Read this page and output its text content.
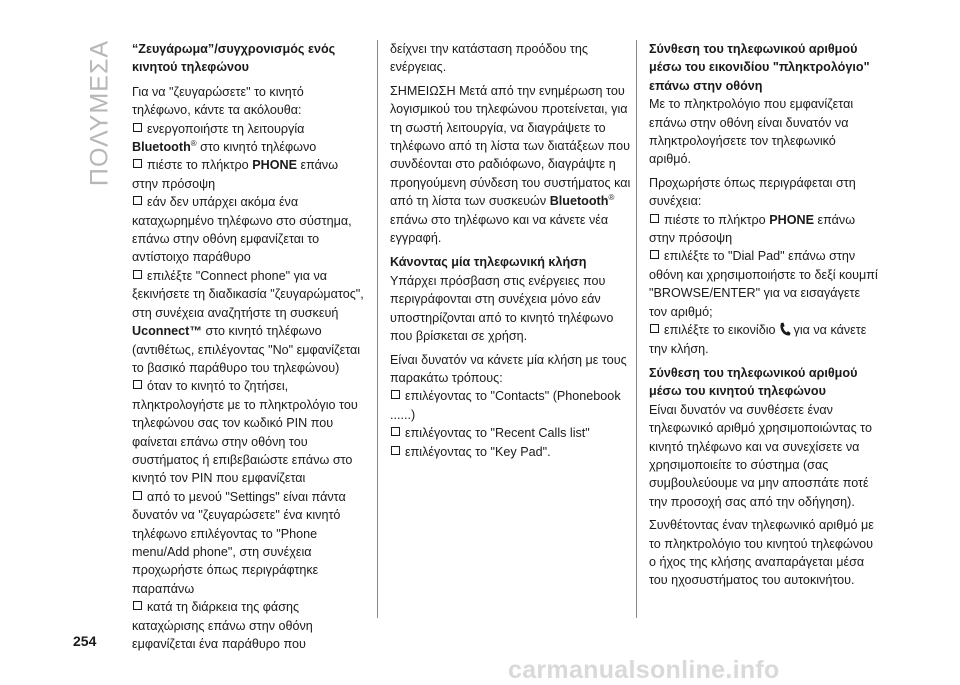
ΠΟΛΥΜΕΣΑ “Ζευγάρωμα”/συγχρονισμός ενός κινητού τηλεφώνου

Για να "ζευγαρώσετε" το κινητό τηλέφωνο, κάντε τα ακόλουθα:

ενεργοποιήστε τη λειτουργία
Bluetooth® στο κινητό τηλέφωνο
πιέστε το πλήκτρο PHONE επάνω στην πρόσοψη
εάν δεν υπάρχει ακόμα ένα καταχωρημένο τηλέφωνο στο σύστημα, επάνω στην οθόνη εμφανίζεται το αντίστοιχο παράθυρο
επιλέξτε "Connect phone" για να ξεκινήσετε τη διαδικασία "ζευγαρώματος", στη συνέχεια αναζητήστε τη συσκευή Uconnect™ στο κινητό τηλέφωνο (αντιθέτως, επιλέγοντας "No" εμφανίζεται το βασικό παράθυρο του τηλεφώνου)
όταν το κινητό το ζητήσει, πληκτρολογήστε με το πληκτρολόγιο του τηλεφώνου σας τον κωδικό PIN που φαίνεται επάνω στην οθόνη του συστήματος ή επιβεβαιώστε επάνω στο κινητό τον PIN που εμφανίζεται
από το μενού "Settings" είναι πάντα δυνατόν να "ζευγαρώσετε" ένα κινητό τηλέφωνο επιλέγοντας το "Phone menu/Add phone", στη συνέχεια προχωρήστε όπως περιγράφτηκε παραπάνω
κατά τη διάρκεια της φάσης καταχώρισης επάνω στην οθόνη εμφανίζεται ένα παράθυρο που

δείχνει την κατάσταση προόδου της ενέργειας.

ΣΗΜΕΙΩΣΗ Μετά από την ενημέρωση του λογισμικού του τηλεφώνου προτείνεται, για τη σωστή λειτουργία, να διαγράψετε το τηλέφωνο από τη λίστα των διατάξεων που συνδέονται στο ραδιόφωνο, διαγράψτε η προηγούμενη σύνδεση του συστήματος και από τη λίστα των συσκευών Bluetooth® επάνω στο τηλέφωνο και να κάνετε νέα εγγραφή.

Κάνοντας μία τηλεφωνική κλήση

Υπάρχει πρόσβαση στις ενέργειες που περιγράφονται στη συνέχεια μόνο εάν υποστηρίζονται από το κινητό τηλέφωνο που βρίσκεται σε χρήση.

Είναι δυνατόν να κάνετε μία κλήση με τους παρακάτω τρόπους:

επιλέγοντας το "Contacts" (Phonebook ......)
επιλέγοντας το "Recent Calls list"
επιλέγοντας το "Key Pad".
Σύνθεση του τηλεφωνικού αριθμού μέσω του εικονιδίου "πληκτρολόγιο" επάνω στην οθόνη

Με το πληκτρολόγιο που εμφανίζεται επάνω στην οθόνη είναι δυνατόν να πληκτρολογήσετε τον τηλεφωνικό αριθμό.

Προχωρήστε όπως περιγράφεται στη συνέχεια:

πιέστε το πλήκτρο PHONE επάνω στην πρόσοψη
επιλέξτε το "Dial Pad" επάνω στην οθόνη και χρησιμοποιήστε το δεξί κουμπί "BROWSE/ENTER" για να εισαγάγετε τον αριθμό;
επιλέξτε το εικονίδιο για να κάνετε την κλήση.
Σύνθεση του τηλεφωνικού αριθμού μέσω του κινητού τηλεφώνου

Είναι δυνατόν να συνθέσετε έναν τηλεφωνικό αριθμό χρησιμοποιώντας το κινητό τηλέφωνο και να συνεχίσετε να χρησιμοποιείτε το σύστημα (σας συμβουλεύουμε να μην αποσπάτε ποτέ την προσοχή σας από την οδήγηση).

Συνθέτοντας έναν τηλεφωνικό αριθμό με το πληκτρολόγιο του κινητού τηλεφώνου ο ήχος της κλήσης αναπαράγεται μέσα του ηχοσυστήματος του αυτοκινήτου.

254
carmanualsonline.info
